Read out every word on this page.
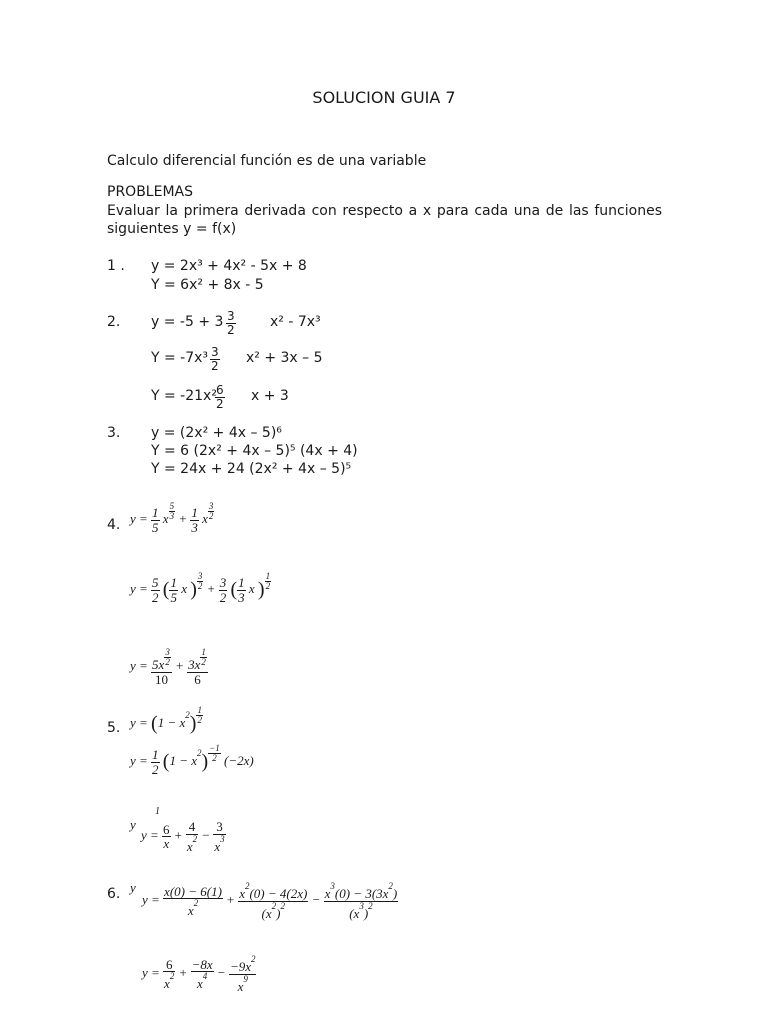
SOLUCION GUIA 7
Calculo diferencial función es de una variable
PROBLEMAS
Evaluar la primera derivada con respecto a x para cada una de las funciones
siguientes y = f(x)
1 . y = 2x³ + 4x² - 5x + 8
Y = 6x² + 8x - 5
2. $y = -5 + 3 \frac{3}{2} x^2 - 7x^3$
$Y = -7x^3 \frac{3}{2} x^2 + 3x - 5$
Y = -21x²
$\frac{6}{2}$ x + 3
3. y = (2x² + 4x – 5)⁶
Y = 6 (2x² + 4x – 5)⁵ (4x + 4)
Y = 24x + 24 (2x² + 4x – 5)⁵
4. $y = \frac{1}{5}$ x $^{\frac{5}{3}} + \frac{1}{3}$ x $^{\frac{3}{2}}$
$y = \frac{5}{2}$ ( $\frac{1}{5}$ x ) $^{\frac{3}{2}} + \frac{3}{2}$ ( $\frac{1}{3}$ x ) $^{\frac{1}{2}}$
y = 5x $^{\frac{3}{2}}$
10 + 3x $^{\frac{1}{2}}$
6
5. $y = (1 - x^2)$ $^{\frac{1}{2}}$
$y = \frac{1}{2} (1 - x^2)$ $^{\frac{-1}{2}}$ (−2x)
y
1
$y = \frac{6}{x} + \frac{4}{x^2} - \frac{3}{x^3}$
6. y
$y = \frac{x(0) - 6(1)}{x^2} + \frac{x^2(0) - 4(2x)}{(x^2)^2} - \frac{x^3(0) - 3(3x^2)}{(x^3)^2}$
$y = \frac{6}{x^2} + \frac{-8x}{x^4} - \frac{-9x^2}{x^9}$
